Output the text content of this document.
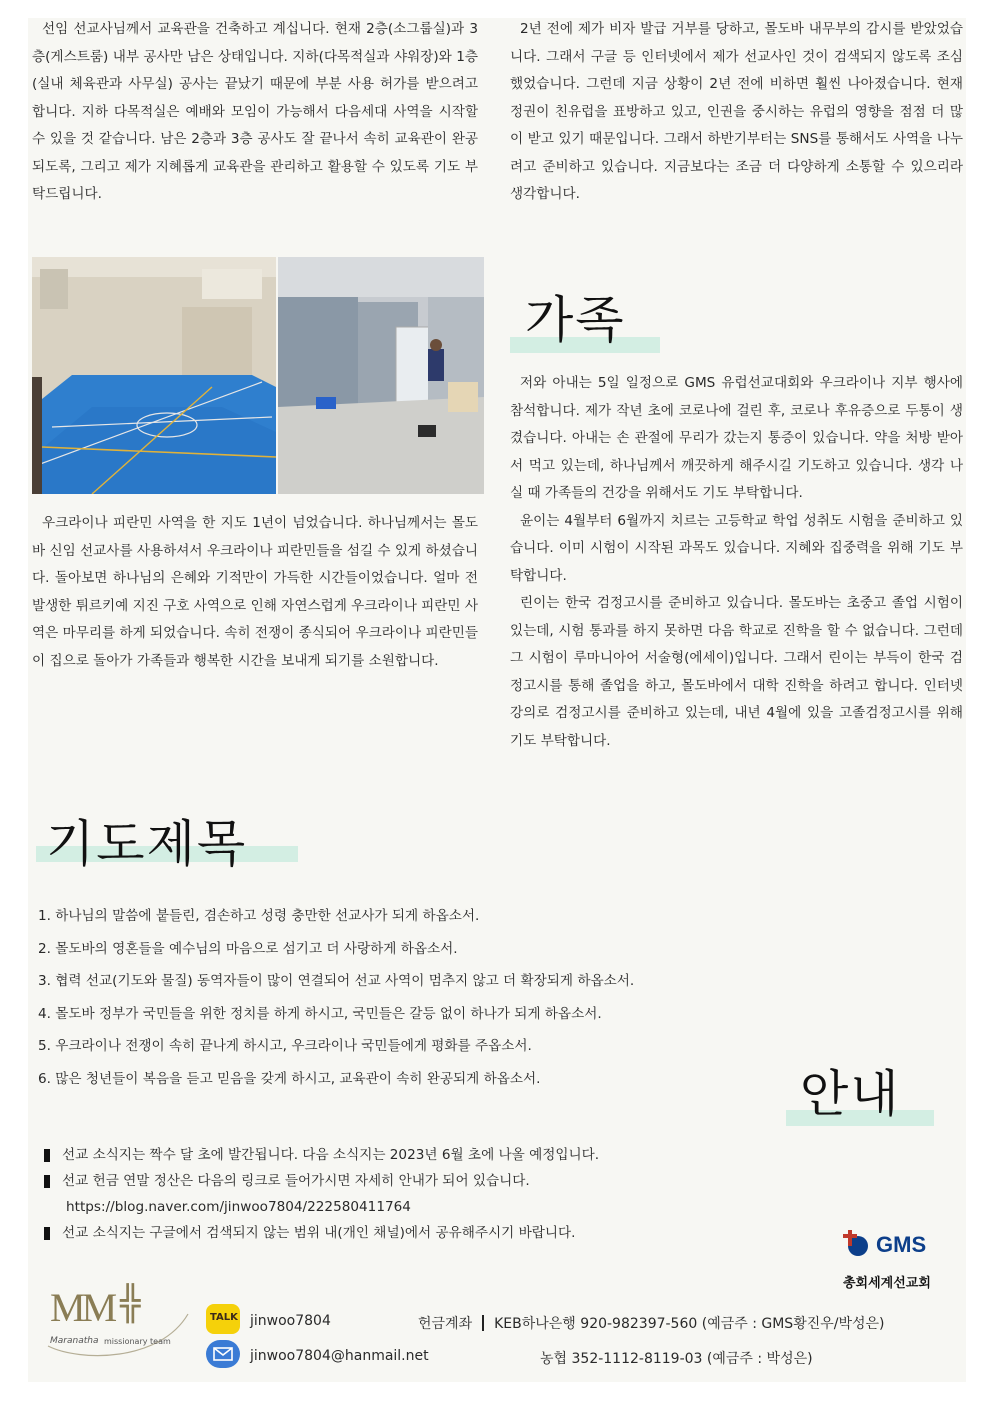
선임 선교사님께서 교육관을 건축하고 계십니다. 현재 2층(소그룹실)과 3층(게스트룸) 내부 공사만 남은 상태입니다. 지하(다목적실과 샤워장)와 1층(실내 체육관과 사무실) 공사는 끝났기 때문에 부분 사용 허가를 받으려고 합니다. 지하 다목적실은 예배와 모임이 가능해서 다음세대 사역을 시작할 수 있을 것 같습니다. 남은 2층과 3층 공사도 잘 끝나서 속히 교육관이 완공되도록, 그리고 제가 지혜롭게 교육관을 관리하고 활용할 수 있도록 기도 부탁드립니다.

2년 전에 제가 비자 발급 거부를 당하고, 몰도바 내무부의 감시를 받았었습니다. 그래서 구글 등 인터넷에서 제가 선교사인 것이 검색되지 않도록 조심했었습니다. 그런데 지금 상황이 2년 전에 비하면 훨씬 나아졌습니다. 현재 정권이 친유럽을 표방하고 있고, 인권을 중시하는 유럽의 영향을 점점 더 많이 받고 있기 때문입니다. 그래서 하반기부터는 SNS를 통해서도 사역을 나누려고 준비하고 있습니다. 지금보다는 조금 더 다양하게 소통할 수 있으리라 생각합니다.

우크라이나 피란민 사역을 한 지도 1년이 넘었습니다. 하나님께서는 몰도바 신임 선교사를 사용하셔서 우크라이나 피란민들을 섬길 수 있게 하셨습니다. 돌아보면 하나님의 은혜와 기적만이 가득한 시간들이었습니다. 얼마 전 발생한 튀르키예 지진 구호 사역으로 인해 자연스럽게 우크라이나 피란민 사역은 마무리를 하게 되었습니다. 속히 전쟁이 종식되어 우크라이나 피란민들이 집으로 돌아가 가족들과 행복한 시간을 보내게 되기를 소원합니다.

가족

저와 아내는 5일 일정으로 GMS 유럽선교대회와 우크라이나 지부 행사에 참석합니다. 제가 작년 초에 코로나에 걸린 후, 코로나 후유증으로 두통이 생겼습니다. 아내는 손 관절에 무리가 갔는지 통증이 있습니다. 약을 처방 받아서 먹고 있는데, 하나님께서 깨끗하게 해주시길 기도하고 있습니다. 생각 나실 때 가족들의 건강을 위해서도 기도 부탁합니다.

윤이는 4월부터 6월까지 치르는 고등학교 학업 성취도 시험을 준비하고 있습니다. 이미 시험이 시작된 과목도 있습니다. 지혜와 집중력을 위해 기도 부탁합니다.

린이는 한국 검정고시를 준비하고 있습니다. 몰도바는 초중고 졸업 시험이 있는데, 시험 통과를 하지 못하면 다음 학교로 진학을 할 수 없습니다. 그런데 그 시험이 루마니아어 서술형(에세이)입니다. 그래서 린이는 부득이 한국 검정고시를 통해 졸업을 하고, 몰도바에서 대학 진학을 하려고 합니다. 인터넷 강의로 검정고시를 준비하고 있는데, 내년 4월에 있을 고졸검정고시를 위해 기도 부탁합니다.

기도제목
1. 하나님의 말씀에 붙들린, 겸손하고 성령 충만한 선교사가 되게 하옵소서.
2. 몰도바의 영혼들을 예수님의 마음으로 섬기고 더 사랑하게 하옵소서.
3. 협력 선교(기도와 물질) 동역자들이 많이 연결되어 선교 사역이 멈추지 않고 더 확장되게 하옵소서.
4. 몰도바 정부가 국민들을 위한 정치를 하게 하시고, 국민들은 갈등 없이 하나가 되게 하옵소서.
5. 우크라이나 전쟁이 속히 끝나게 하시고, 우크라이나 국민들에게 평화를 주옵소서.
6. 많은 청년들이 복음을 듣고 믿음을 갖게 하시고, 교육관이 속히 완공되게 하옵소서.	안내
선교 소식지는 짝수 달 초에 발간됩니다. 다음 소식지는 2023년 6월 초에 나올 예정입니다.
선교 헌금 연말 정산은 다음의 링크로 들어가시면 자세히 안내가 되어 있습니다.
https://blog.naver.com/jinwoo7804/222580411764
선교 소식지는 구글에서 검색되지 않는 범위 내(개인 채널)에서 공유해주시기 바랍니다.	GMS
총회세계선교회
MM ╬
Maranatha missionary team
TALK jinwoo7804
jinwoo7804@hanmail.net
헌금계좌 KEB하나은행 920-982397-560 (예금주 : GMS황진우/박성은)
농협 352-1112-8119-03 (예금주 : 박성은)
